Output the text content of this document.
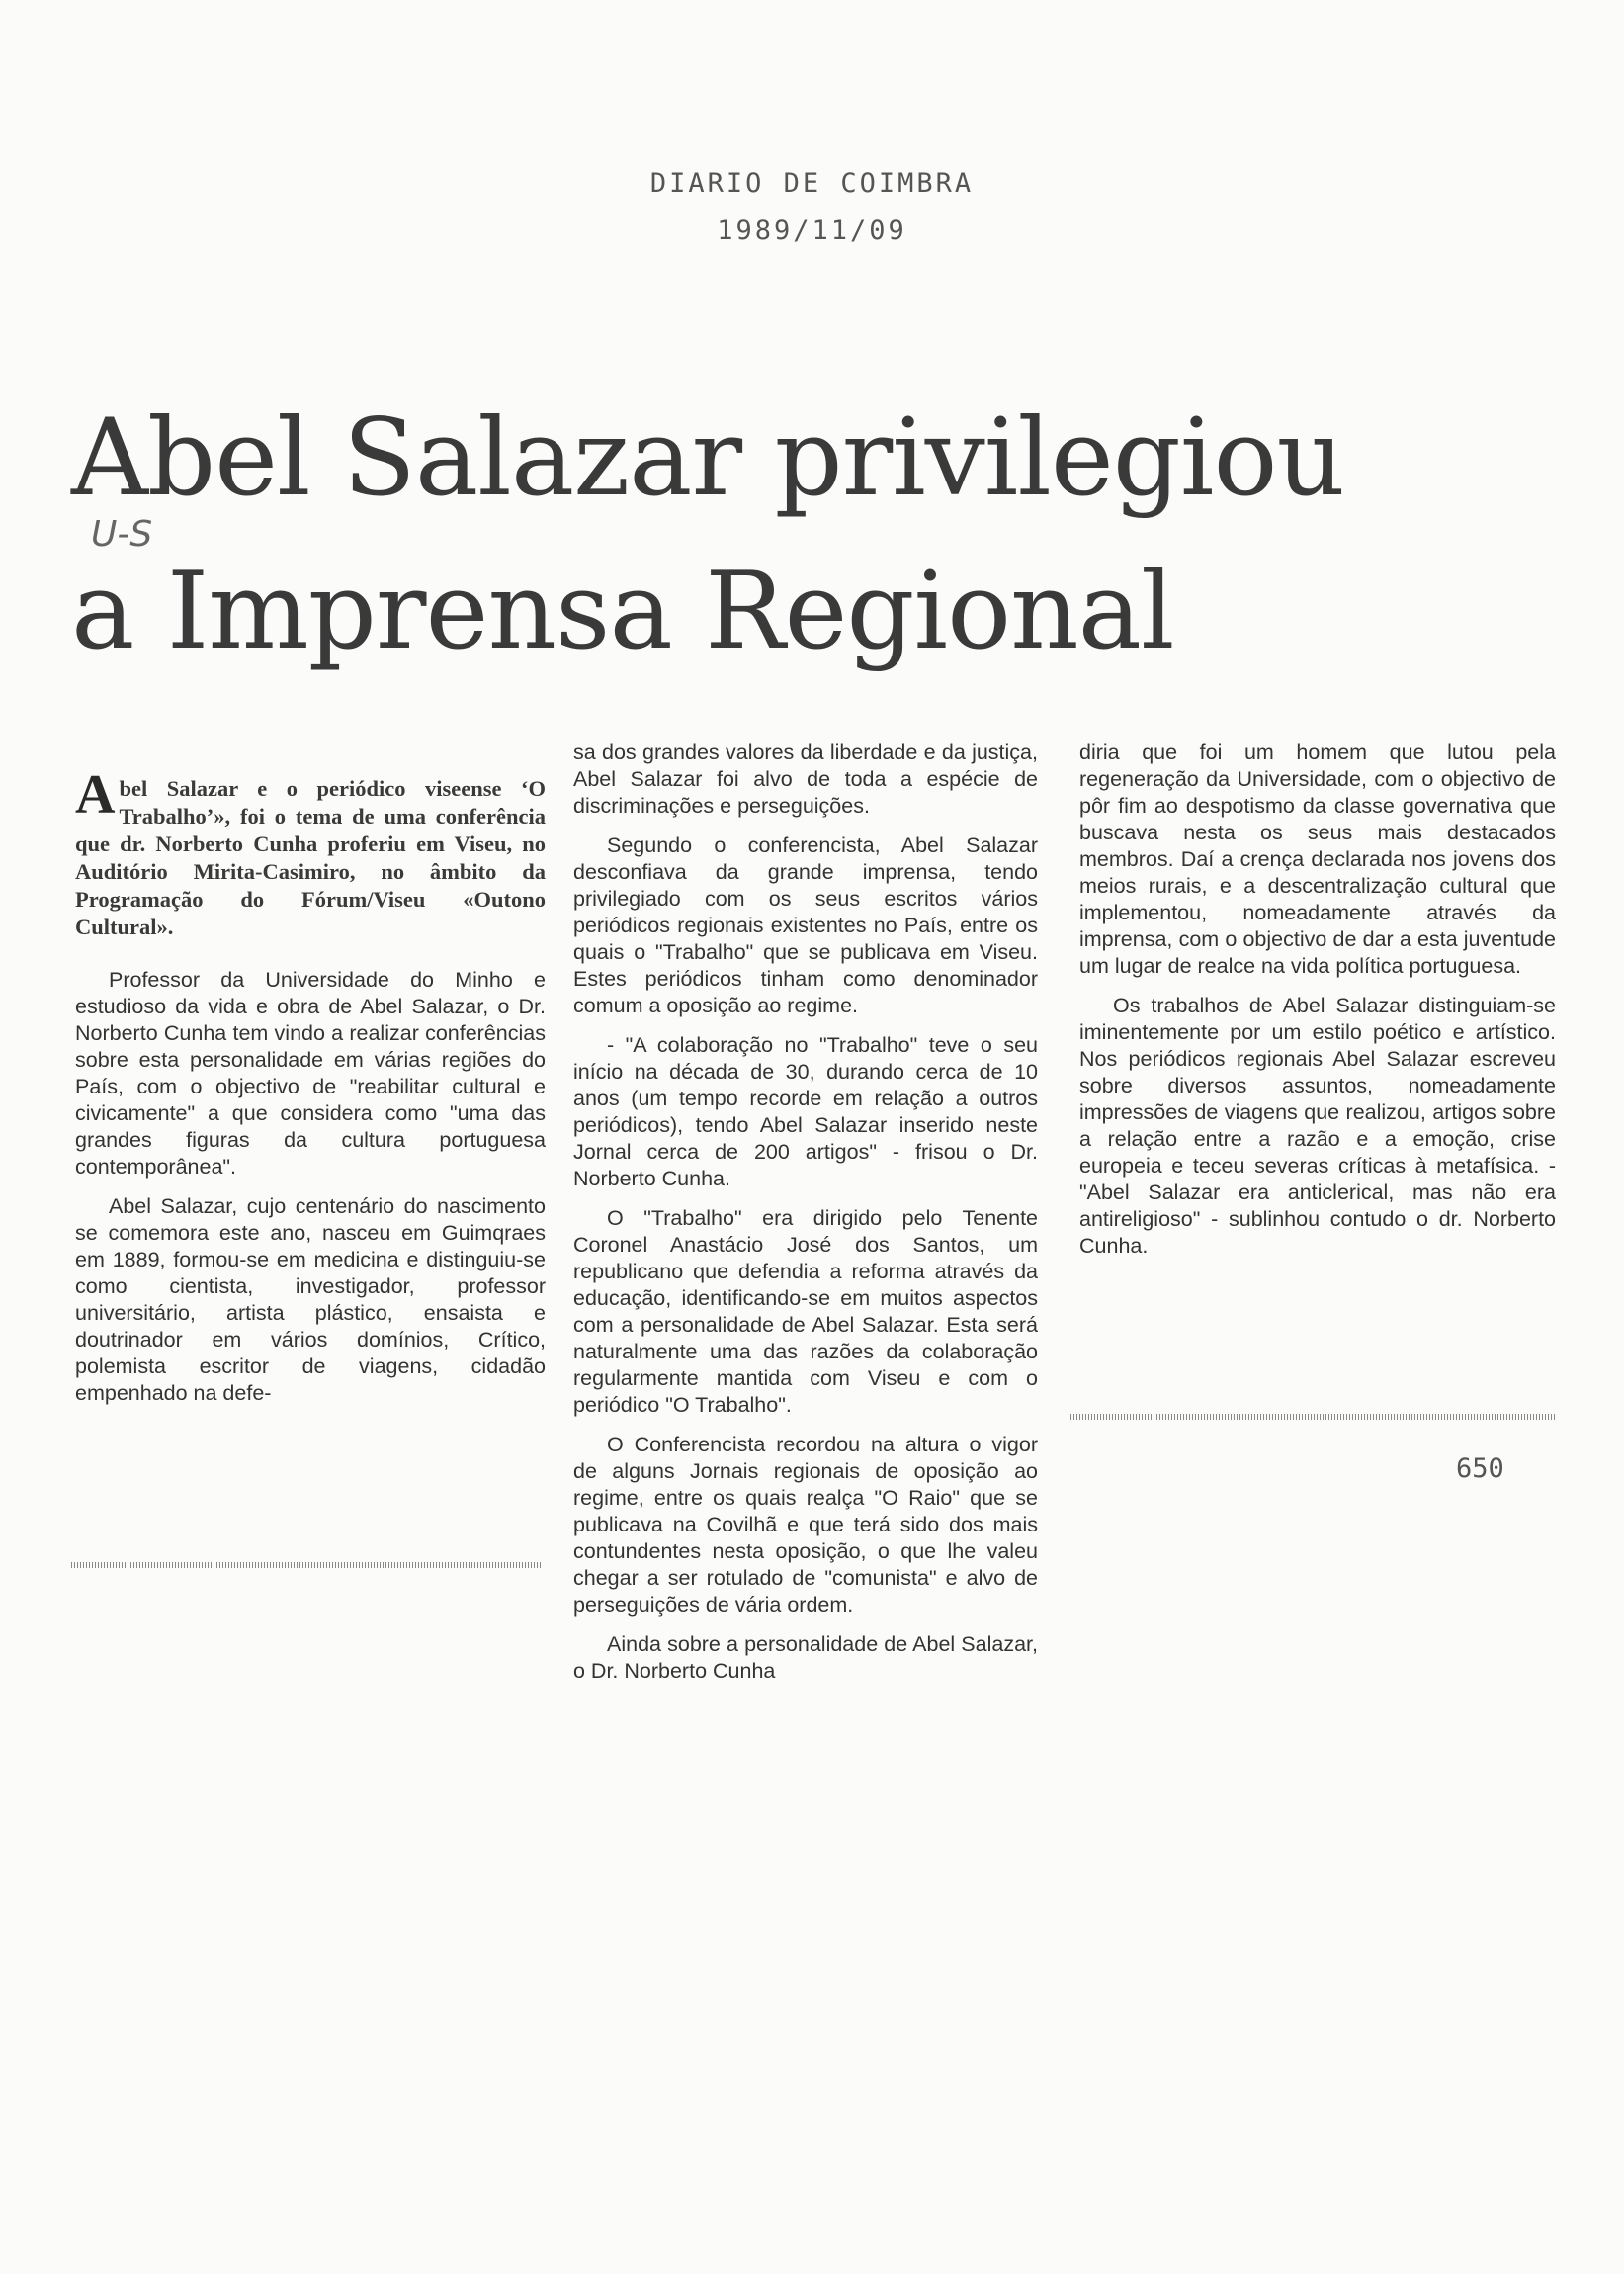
DIARIO DE COIMBRA
1989/11/09
Abel Salazar privilegiou
U-S
a Imprensa Regional

Abel Salazar e o periódico viseense ‘O Trabalho’», foi o tema de uma conferência que dr. Norberto Cunha proferiu em Viseu, no Auditório Mirita-Casimiro, no âmbito da Programação do Fórum/Viseu «Outono Cultural».

Professor da Universidade do Minho e estudioso da vida e obra de Abel Salazar, o Dr. Norberto Cunha tem vindo a realizar conferências sobre esta personalidade em várias regiões do País, com o objectivo de "reabilitar cultural e civicamente" a que considera como "uma das grandes figuras da cultura portuguesa contemporânea".

Abel Salazar, cujo centenário do nascimento se comemora este ano, nasceu em Guimqraes em 1889, formou-se em medicina e distinguiu-se como cientista, investigador, professor universitário, artista plástico, ensaista e doutrinador em vários domínios, Crítico, polemista escritor de viagens, cidadão empenhado na defe-

sa dos grandes valores da liberdade e da justiça, Abel Salazar foi alvo de toda a espécie de discriminações e perseguições.

Segundo o conferencista, Abel Salazar desconfiava da grande imprensa, tendo privilegiado com os seus escritos vários periódicos regionais existentes no País, entre os quais o "Trabalho" que se publicava em Viseu. Estes periódicos tinham como denominador comum a oposição ao regime.

- "A colaboração no "Trabalho" teve o seu início na década de 30, durando cerca de 10 anos (um tempo recorde em relação a outros periódicos), tendo Abel Salazar inserido neste Jornal cerca de 200 artigos" - frisou o Dr. Norberto Cunha.

O "Trabalho" era dirigido pelo Tenente Coronel Anastácio José dos Santos, um republicano que defendia a reforma através da educação, identificando-se em muitos aspectos com a personalidade de Abel Salazar. Esta será naturalmente uma das razões da colaboração regularmente mantida com Viseu e com o periódico "O Trabalho".

O Conferencista recordou na altura o vigor de alguns Jornais regionais de oposição ao regime, entre os quais realça "O Raio" que se publicava na Covilhã e que terá sido dos mais contundentes nesta oposição, o que lhe valeu chegar a ser rotulado de "comunista" e alvo de perseguições de vária ordem.

Ainda sobre a personalidade de Abel Salazar, o Dr. Norberto Cunha

diria que foi um homem que lutou pela regeneração da Universidade, com o objectivo de pôr fim ao despotismo da classe governativa que buscava nesta os seus mais destacados membros. Daí a crença declarada nos jovens dos meios rurais, e a descentralização cultural que implementou, nomeadamente através da imprensa, com o objectivo de dar a esta juventude um lugar de realce na vida política portuguesa.

Os trabalhos de Abel Salazar distinguiam-se iminentemente por um estilo poético e artístico. Nos periódicos regionais Abel Salazar escreveu sobre diversos assuntos, nomeadamente impressões de viagens que realizou, artigos sobre a relação entre a razão e a emoção, crise europeia e teceu severas críticas à metafísica. -"Abel Salazar era anticlerical, mas não era antireligioso" - sublinhou contudo o dr. Norberto Cunha.

650
